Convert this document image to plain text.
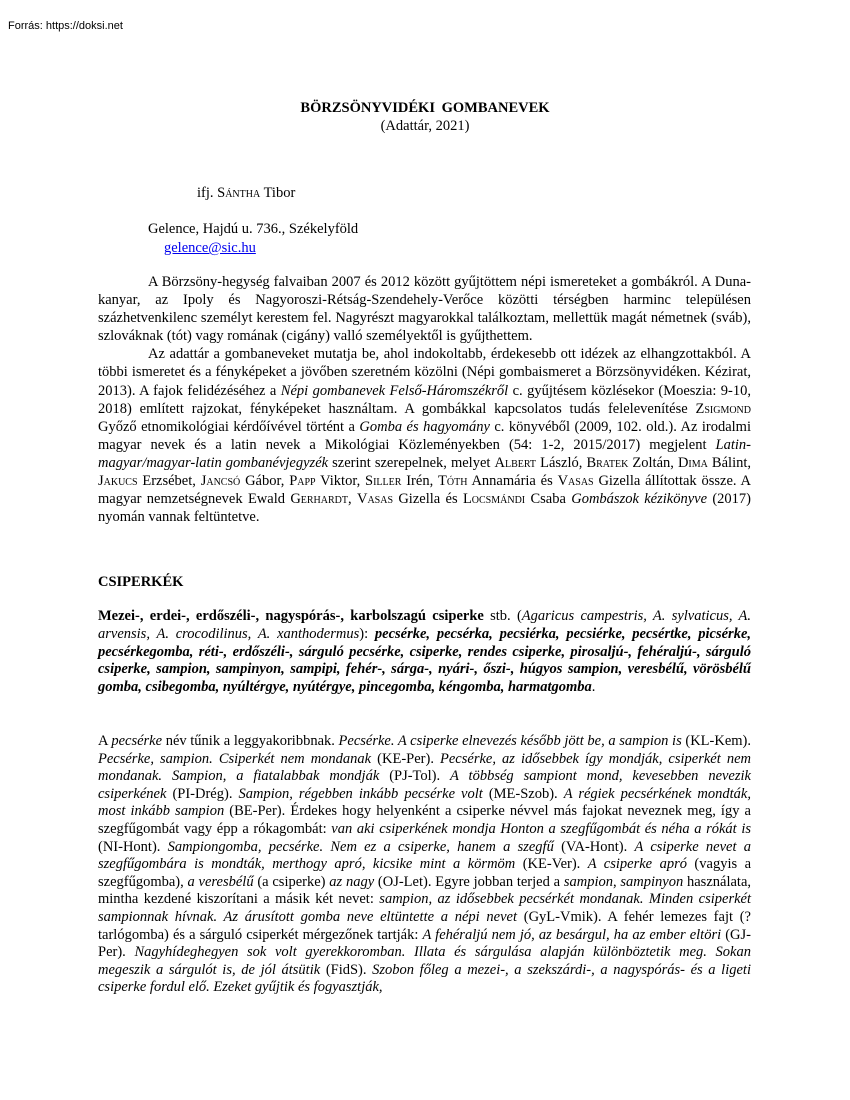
Forrás: https://doksi.net
BÖRZSÖNYVIDÉKI GOMBANEVEK
(Adattár, 2021)
ifj. Sántha Tibor
Gelence, Hajdú u. 736., Székelyföld
gelence@sic.hu

A Börzsöny-hegység falvaiban 2007 és 2012 között gyűjtöttem népi ismereteket a gombákról. A Duna-kanyar, az Ipoly és Nagyoroszi-Rétság-Szendehely-Verőce közötti térségben harminc településen százhetvenkilenc személyt kerestem fel. Nagyrészt magyarokkal találkoztam, mellettük magát németnek (sváb), szlováknak (tót) vagy romának (cigány) valló személyektől is gyűjthettem.

Az adattár a gombaneveket mutatja be, ahol indokoltabb, érdekesebb ott idézek az elhangzottakból. A többi ismeretet és a fényképeket a jövőben szeretném közölni (Népi gombaismeret a Börzsönyvidéken. Kézirat, 2013). A fajok felidézéséhez a Népi gombanevek Felső-Háromszékről c. gyűjtésem közlésekor (Moeszia: 9-10, 2018) említett rajzokat, fényképeket használtam. A gombákkal kapcsolatos tudás felelevenítése Zsigmond Győző etnomikológiai kérdőívével történt a Gomba és hagyomány c. könyvéből (2009, 102. old.). Az irodalmi magyar nevek és a latin nevek a Mikológiai Közleményekben (54: 1-2, 2015/2017) megjelent Latin-magyar/magyar-latin gombanévjegyzék szerint szerepelnek, melyet Albert László, Bratek Zoltán, Dima Bálint, Jakucs Erzsébet, Jancsó Gábor, Papp Viktor, Siller Irén, Tóth Annamária és Vasas Gizella állítottak össze. A magyar nemzetségnevek Ewald Gerhardt, Vasas Gizella és Locsmándi Csaba Gombászok kézikönyve (2017) nyomán vannak feltüntetve.

CSIPERKÉK
Mezei-, erdei-, erdőszéli-, nagyspórás-, karbolszagú csiperke stb. (Agaricus campestris, A. sylvaticus, A. arvensis, A. crocodilinus, A. xanthodermus): pecsérke, pecsérka, pecsiérka, pecsiérke, pecsértke, picsérke, pecsérkegomba, réti-, erdőszéli-, sárguló pecsérke, csiperke, rendes csiperke, pirosaljú-, fehéraljú-, sárguló csiperke, sampion, sampinyon, sampipi, fehér-, sárga-, nyári-, őszi-, húgyos sampion, veresbélű, vörösbélű gomba, csibegomba, nyúltérgye, nyútérgye, pincegomba, kéngomba, harmatgomba.
A pecsérke név tűnik a leggyakoribbnak. Pecsérke. A csiperke elnevezés később jött be, a sampion is (KL-Kem). Pecsérke, sampion. Csiperkét nem mondanak (KE-Per). Pecsérke, az idősebbek így mondják, csiperkét nem mondanak. Sampion, a fiatalabbak mondják (PJ-Tol). A többség sampiont mond, kevesebben nevezik csiperkének (PI-Drég). Sampion, régebben inkább pecsérke volt (ME-Szob). A régiek pecsérkének mondták, most inkább sampion (BE-Per). Érdekes hogy helyenként a csiperke névvel más fajokat neveznek meg, így a szegfűgombát vagy épp a rókagombát: van aki csiperkének mondja Honton a szegfűgombát és néha a rókát is (NI-Hont). Sampiongomba, pecsérke. Nem ez a csiperke, hanem a szegfű (VA-Hont). A csiperke nevet a szegfűgombára is mondták, merthogy apró, kicsike mint a körmöm (KE-Ver). A csiperke apró (vagyis a szegfűgomba), a veresbélű (a csiperke) az nagy (OJ-Let). Egyre jobban terjed a sampion, sampinyon használata, mintha kezdené kiszorítani a másik két nevet: sampion, az idősebbek pecsérkét mondanak. Minden csiperkét sampionnak hívnak. Az árusított gomba neve eltüntette a népi nevet (GyL-Vmik). A fehér lemezes fajt (? tarlógomba) és a sárguló csiperkét mérgezőnek tartják: A fehéraljú nem jó, az besárgul, ha az ember eltöri (GJ-Per). Nagyhídeghegyen sok volt gyerekkoromban. Illata és sárgulása alapján különböztetik meg. Sokan megeszik a sárgulót is, de jól átsütik (FidS). Szobon főleg a mezei-, a szekszárdi-, a nagyspórás- és a ligeti csiperke fordul elő. Ezeket gyűjtik és fogyasztják,
